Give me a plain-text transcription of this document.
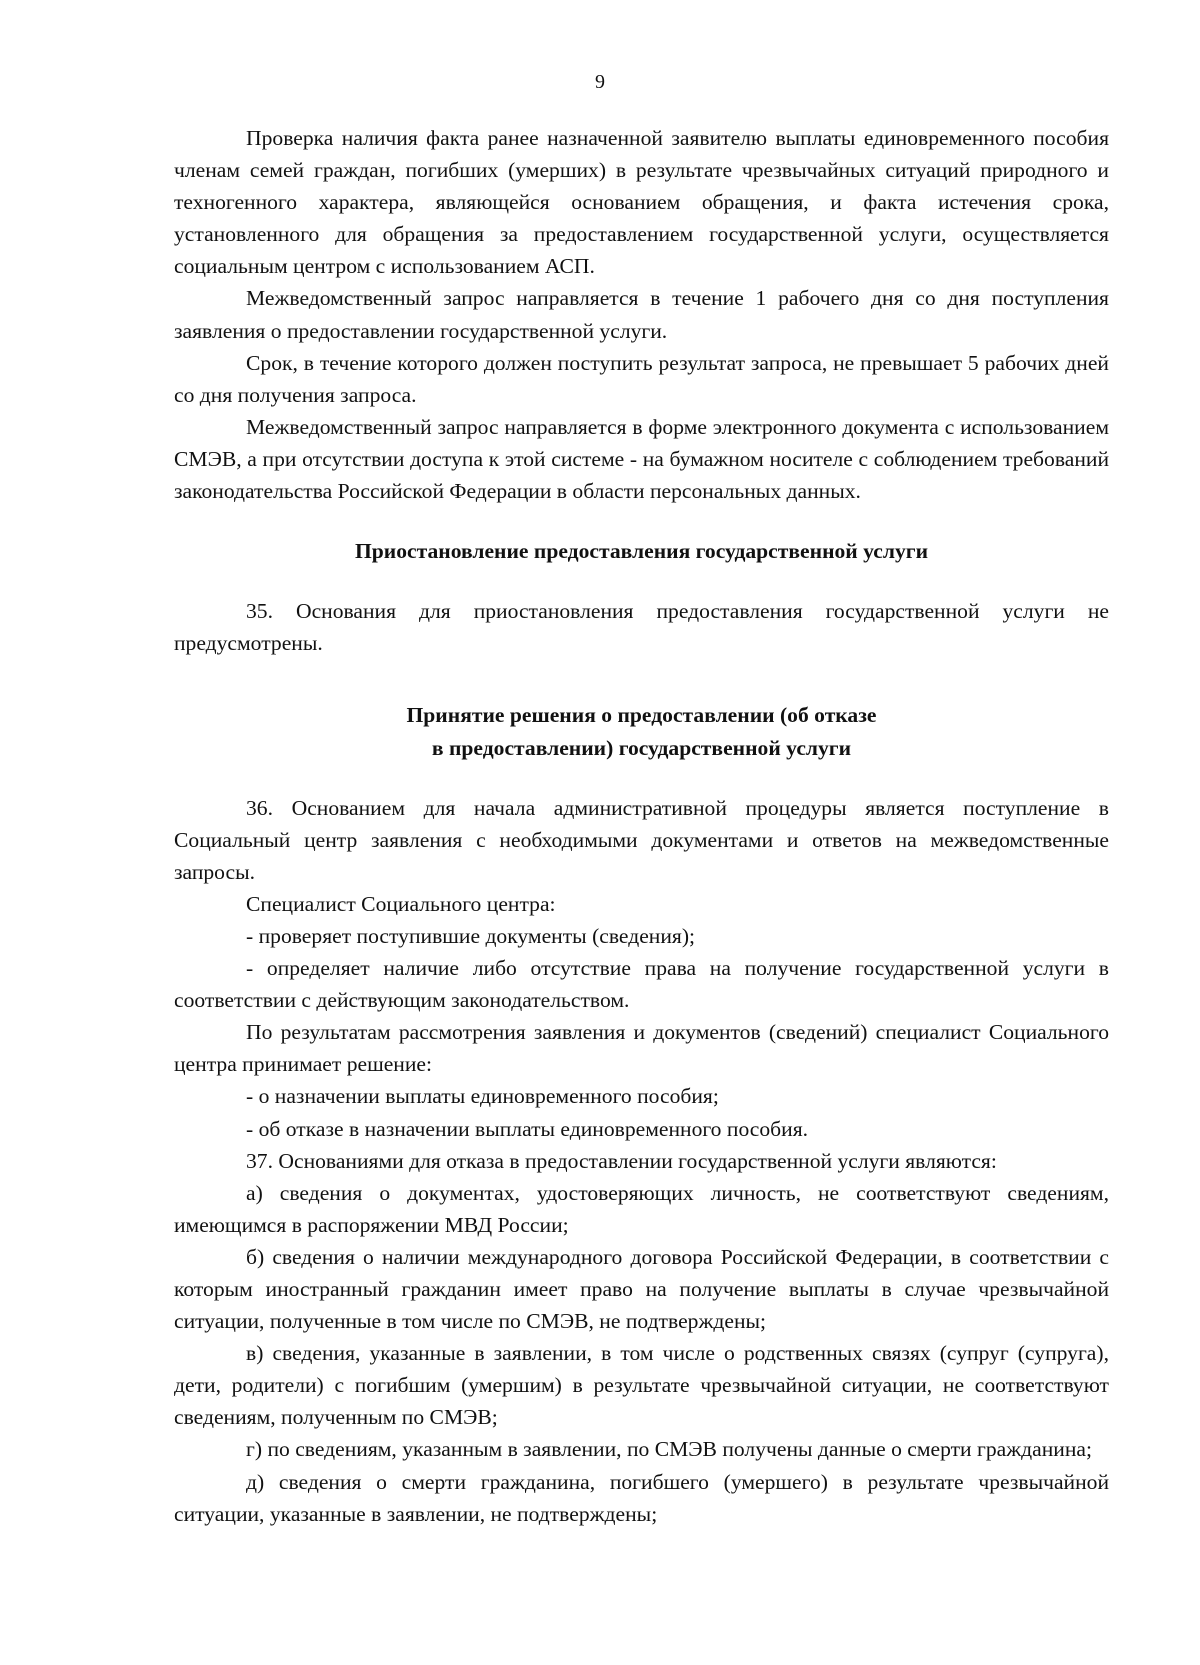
9

Проверка наличия факта ранее назначенной заявителю выплаты единовременного пособия членам семей граждан, погибших (умерших) в результате чрезвычайных ситуаций природного и техногенного характера, являющейся основанием обращения, и факта истечения срока, установленного для обращения за предоставлением государственной услуги, осуществляется социальным центром с использованием АСП.

Межведомственный запрос направляется в течение 1 рабочего дня со дня поступления заявления о предоставлении государственной услуги.

Срок, в течение которого должен поступить результат запроса, не превышает 5 рабочих дней со дня получения запроса.

Межведомственный запрос направляется в форме электронного документа с использованием СМЭВ, а при отсутствии доступа к этой системе - на бумажном носителе с соблюдением требований законодательства Российской Федерации в области персональных данных.

Приостановление предоставления государственной услуги

35. Основания для приостановления предоставления государственной услуги не предусмотрены.

Принятие решения о предоставлении (об отказе
в предоставлении) государственной услуги

36. Основанием для начала административной процедуры является поступление в Социальный центр заявления с необходимыми документами и ответов на межведомственные запросы.

Специалист Социального центра:

- проверяет поступившие документы (сведения);

- определяет наличие либо отсутствие права на получение государственной услуги в соответствии с действующим законодательством.

По результатам рассмотрения заявления и документов (сведений) специалист Социального центра принимает решение:

- о назначении выплаты единовременного пособия;

- об отказе в назначении выплаты единовременного пособия.

37. Основаниями для отказа в предоставлении государственной услуги являются:

а) сведения о документах, удостоверяющих личность, не соответствуют сведениям, имеющимся в распоряжении МВД России;

б) сведения о наличии международного договора Российской Федерации, в соответствии с которым иностранный гражданин имеет право на получение выплаты в случае чрезвычайной ситуации, полученные в том числе по СМЭВ, не подтверждены;

в) сведения, указанные в заявлении, в том числе о родственных связях (супруг (супруга), дети, родители) с погибшим (умершим) в результате чрезвычайной ситуации, не соответствуют сведениям, полученным по СМЭВ;

г) по сведениям, указанным в заявлении, по СМЭВ получены данные о смерти гражданина;

д) сведения о смерти гражданина, погибшего (умершего) в результате чрезвычайной ситуации, указанные в заявлении, не подтверждены;
